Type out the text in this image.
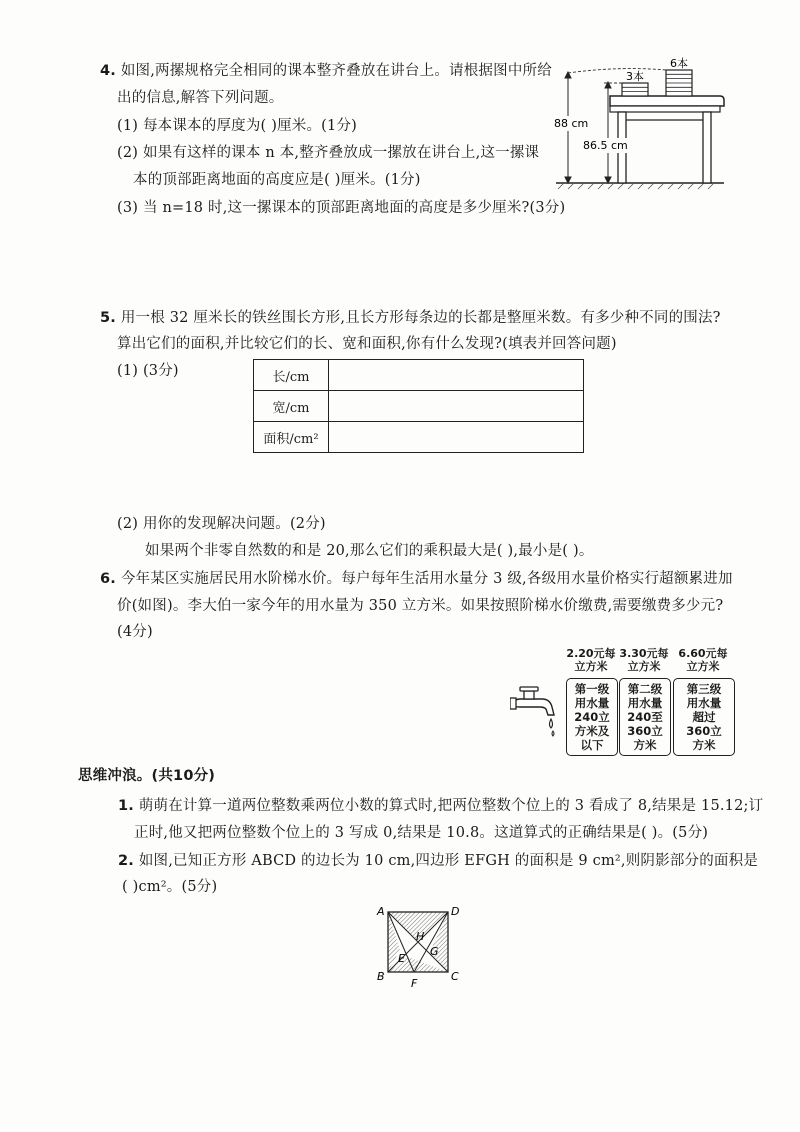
4. 如图,两摞规格完全相同的课本整齐叠放在讲台上。请根据图中所给
出的信息,解答下列问题。
(1) 每本课本的厚度为( )厘米。(1分)
(2) 如果有这样的课本 n 本,整齐叠放成一摞放在讲台上,这一摞课
本的顶部距离地面的高度应是( )厘米。(1分)
(3) 当 n=18 时,这一摞课本的顶部距离地面的高度是多少厘米?(3分)
88 cm
86.5 cm
3本
6本
5. 用一根 32 厘米长的铁丝围长方形,且长方形每条边的长都是整厘米数。有多少种不同的围法?
算出它们的面积,并比较它们的长、宽和面积,你有什么发现?(填表并回答问题)
(1) (3分)	长/cm	
宽/cm	
面积/cm²	
(2) 用你的发现解决问题。(2分)
如果两个非零自然数的和是 20,那么它们的乘积最大是( ),最小是( )。
6. 今年某区实施居民用水阶梯水价。每户每年生活用水量分 3 级,各级用水量价格实行超额累进加
价(如图)。李大伯一家今年的用水量为 350 立方米。如果按照阶梯水价缴费,需要缴费多少元?
(4分)
2.20元每
立方米
3.30元每
立方米
6.60元每
立方米
第一级
用水量
240立
方米及
以下
第二级
用水量
240至
360立
方米
第三级
用水量
超过
360立
方米
思维冲浪。(共10分)
1. 萌萌在计算一道两位整数乘两位小数的算式时,把两位整数个位上的 3 看成了 8,结果是 15.12;订
正时,他又把两位整数个位上的 3 写成 0,结果是 10.8。这道算式的正确结果是( )。(5分)
2. 如图,已知正方形 ABCD 的边长为 10 cm,四边形 EFGH 的面积是 9 cm²,则阴影部分的面积是
( )cm²。(5分)
A	D
B	C
E
F
G
H
